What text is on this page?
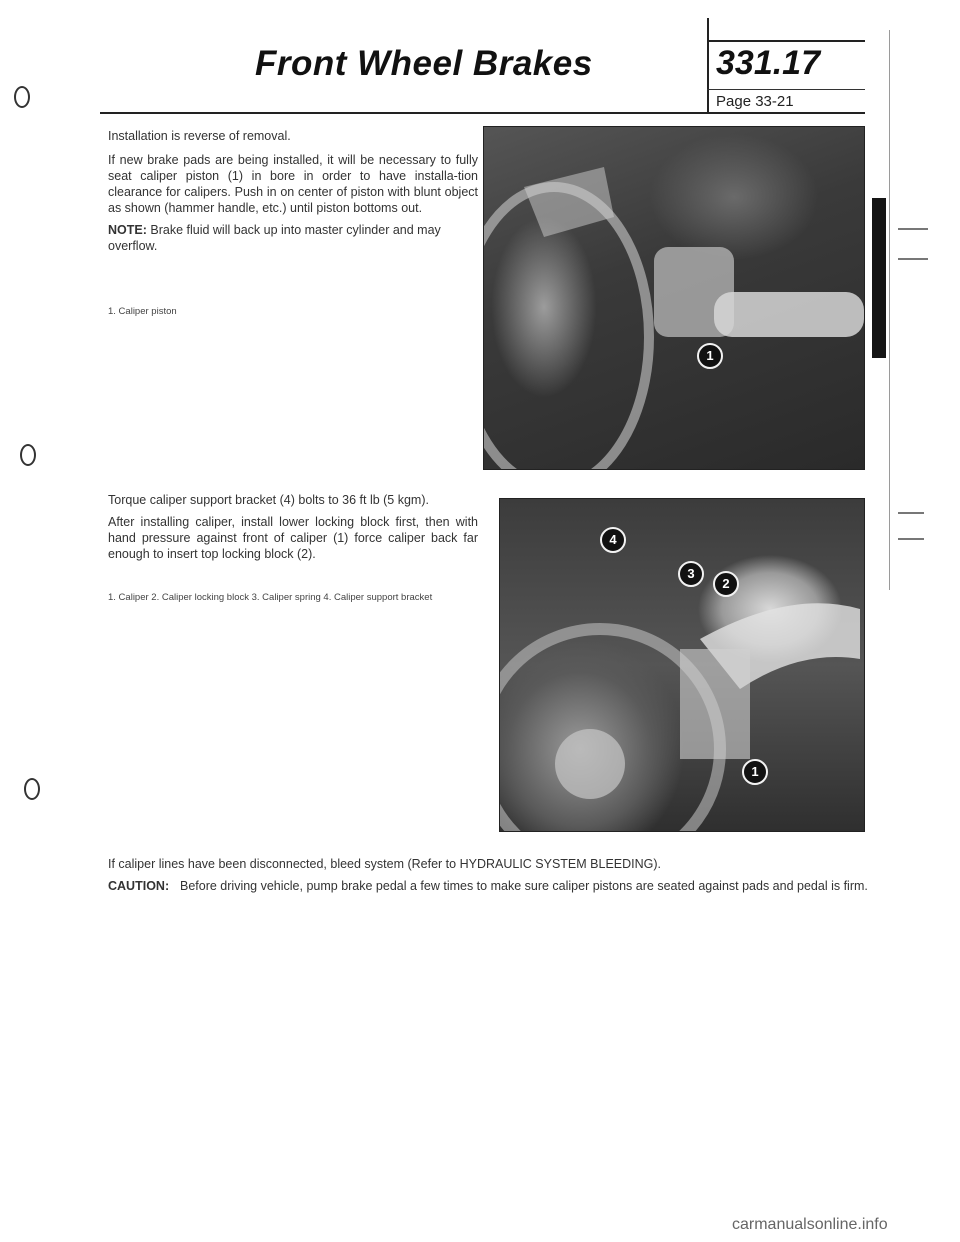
Front Wheel Brakes	331.17
Page 33-21
Installation is reverse of removal.
If new brake pads are being installed, it will be necessary to fully seat caliper piston (1) in bore in order to have installa-tion clearance for calipers. Push in on center of piston with blunt object as shown (hammer handle, etc.) until piston bottoms out.
NOTE: Brake fluid will back up into master cylinder and may overflow.
1. Caliper piston
1
Torque caliper support bracket (4) bolts to 36 ft lb (5 kgm).
After installing caliper, install lower locking block first, then with hand pressure against front of caliper (1) force caliper back far enough to insert top locking block (2).
1. Caliper 2. Caliper locking block 3. Caliper spring 4. Caliper support bracket
4
3
2
1
If caliper lines have been disconnected, bleed system (Refer to HYDRAULIC SYSTEM BLEEDING).
CAUTION: Before driving vehicle, pump brake pedal a few times to make sure caliper pistons are seated against pads and pedal is firm.
carmanualsonline.info
